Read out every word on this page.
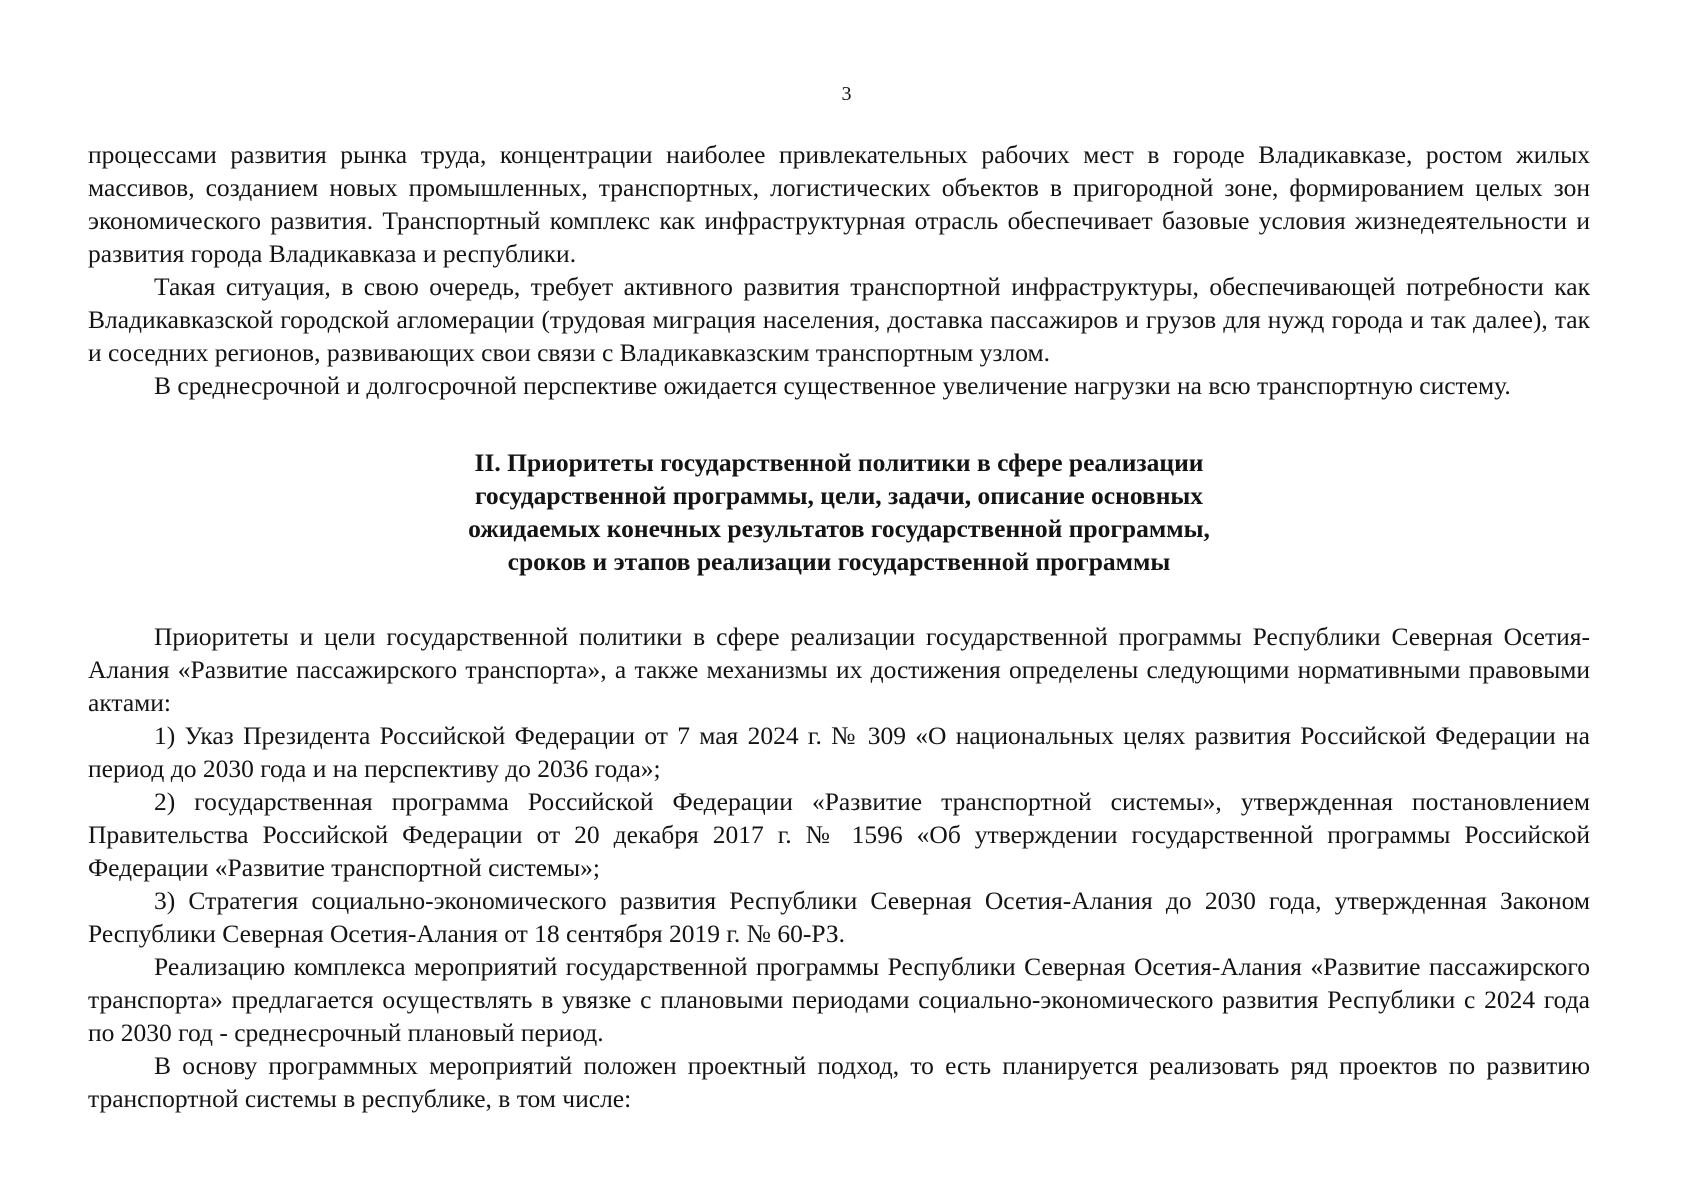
3

процессами развития рынка труда, концентрации наиболее привлекательных рабочих мест в городе Владикавказе, ростом жилых массивов, созданием новых промышленных, транспортных, логистических объектов в пригородной зоне, формированием целых зон экономического развития. Транспортный комплекс как инфраструктурная отрасль обеспечивает базовые условия жизнедеятельности и развития города Владикавказа и республики.

Такая ситуация, в свою очередь, требует активного развития транспортной инфраструктуры, обеспечивающей потребности как Владикавказской городской агломерации (трудовая миграция населения, доставка пассажиров и грузов для нужд города и так далее), так и соседних регионов, развивающих свои связи с Владикавказским транспортным узлом.

В среднесрочной и долгосрочной перспективе ожидается существенное увеличение нагрузки на всю транспортную систему.

II. Приоритеты государственной политики в сфере реализации
государственной программы, цели, задачи, описание основных
ожидаемых конечных результатов государственной программы,
сроков и этапов реализации государственной программы

Приоритеты и цели государственной политики в сфере реализации государственной программы Республики Северная Осетия-Алания «Развитие пассажирского транспорта», а также механизмы их достижения определены следующими нормативными правовыми актами:

1) Указ Президента Российской Федерации от 7 мая 2024 г. № 309 «О национальных целях развития Российской Федерации на период до 2030 года и на перспективу до 2036 года»;

2) государственная программа Российской Федерации «Развитие транспортной системы», утвержденная постановлением Правительства Российской Федерации от 20 декабря 2017 г. № 1596 «Об утверждении государственной программы Российской Федерации «Развитие транспортной системы»;

3) Стратегия социально-экономического развития Республики Северная Осетия-Алания до 2030 года, утвержденная Законом Республики Северная Осетия-Алания от 18 сентября 2019 г. № 60-РЗ.

Реализацию комплекса мероприятий государственной программы Республики Северная Осетия-Алания «Развитие пассажирского транспорта» предлагается осуществлять в увязке с плановыми периодами социально-экономического развития Республики с 2024 года по 2030 год - среднесрочный плановый период.

В основу программных мероприятий положен проектный подход, то есть планируется реализовать ряд проектов по развитию транспортной системы в республике, в том числе:
